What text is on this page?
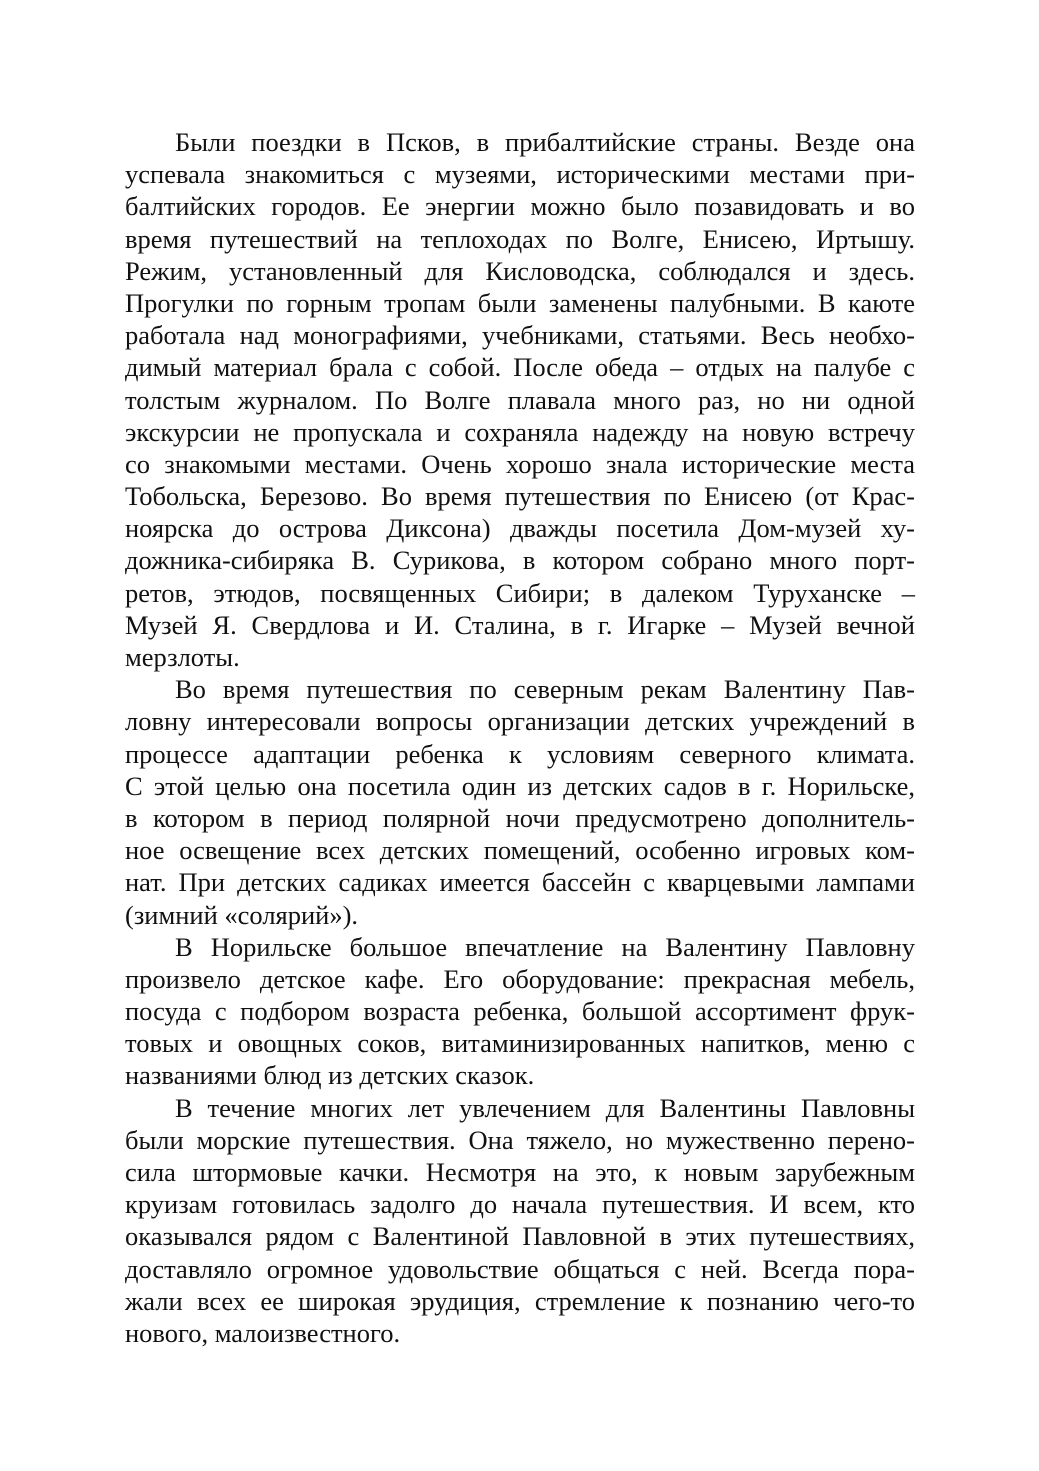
Были поездки в Псков, в прибалтийские страны. Везде она
успевала знакомиться с музеями, историческими местами при-
балтийских городов. Ее энергии можно было позавидовать и во
время путешествий на теплоходах по Волге, Енисею, Иртышу.
Режим, установленный для Кисловодска, соблюдался и здесь.
Прогулки по горным тропам были заменены палубными. В каюте
работала над монографиями, учебниками, статьями. Весь необхо-
димый материал брала с собой. После обеда – отдых на палубе с
толстым журналом. По Волге плавала много раз, но ни одной
экскурсии не пропускала и сохраняла надежду на новую встречу
со знакомыми местами. Очень хорошо знала исторические места
Тобольска, Березово. Во время путешествия по Енисею (от Крас-
ноярска до острова Диксона) дважды посетила Дом-музей ху-
дожника-сибиряка В. Сурикова, в котором собрано много порт-
ретов, этюдов, посвященных Сибири; в далеком Туруханске –
Музей Я. Свердлова и И. Сталина, в г. Игарке – Музей вечной
мерзлоты.
Во время путешествия по северным рекам Валентину Пав-
ловну интересовали вопросы организации детских учреждений в
процессе адаптации ребенка к условиям северного климата.
С этой целью она посетила один из детских садов в г. Норильске,
в котором в период полярной ночи предусмотрено дополнитель-
ное освещение всех детских помещений, особенно игровых ком-
нат. При детских садиках имеется бассейн с кварцевыми лампами
(зимний «солярий»).
В Норильске большое впечатление на Валентину Павловну
произвело детское кафе. Его оборудование: прекрасная мебель,
посуда с подбором возраста ребенка, большой ассортимент фрук-
товых и овощных соков, витаминизированных напитков, меню с
названиями блюд из детских сказок.
В течение многих лет увлечением для Валентины Павловны
были морские путешествия. Она тяжело, но мужественно перено-
сила штормовые качки. Несмотря на это, к новым зарубежным
круизам готовилась задолго до начала путешествия. И всем, кто
оказывался рядом с Валентиной Павловной в этих путешествиях,
доставляло огромное удовольствие общаться с ней. Всегда пора-
жали всех ее широкая эрудиция, стремление к познанию чего-то
нового, малоизвестного.
